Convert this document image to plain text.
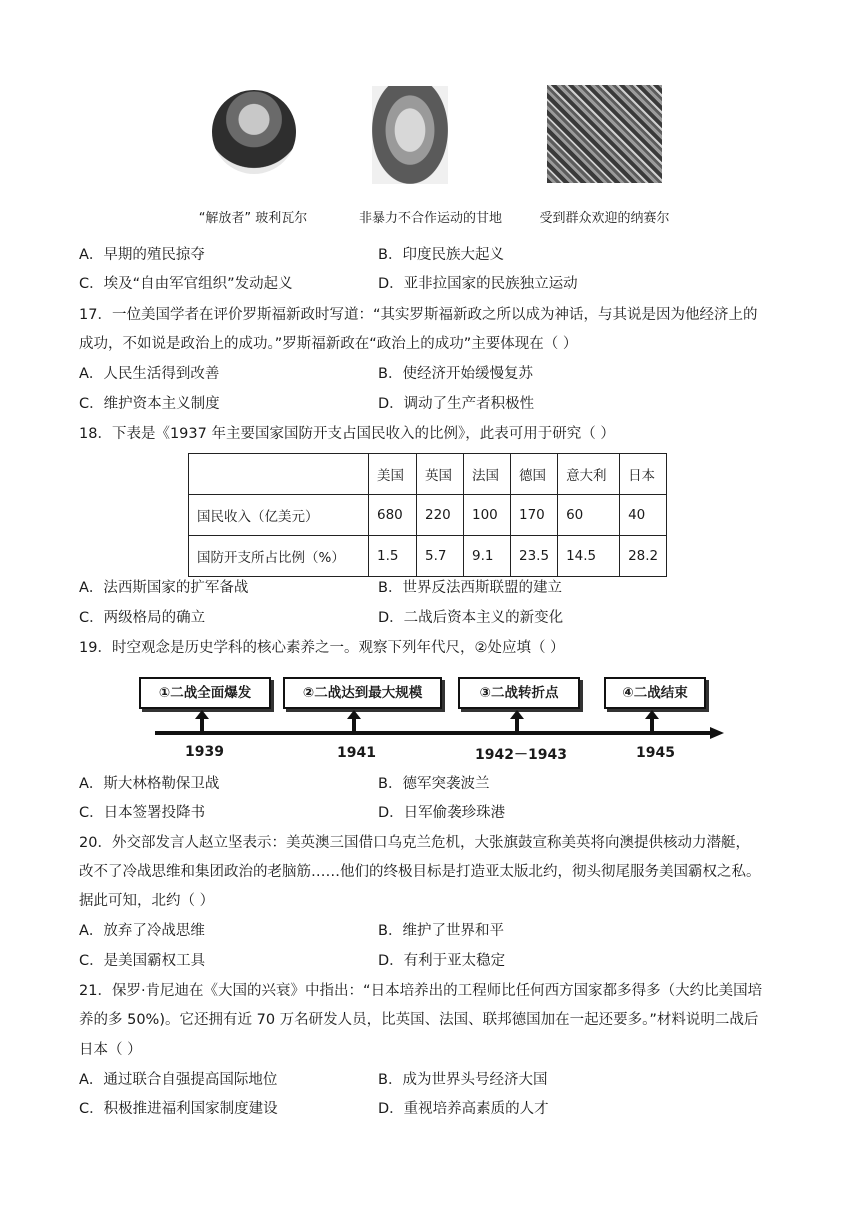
“解放者” 玻利瓦尔	非暴力不合作运动的甘地	受到群众欢迎的纳赛尔
A．早期的殖民掠夺	B．印度民族大起义
C．埃及“自由军官组织”发动起义	D．亚非拉国家的民族独立运动
17．一位美国学者在评价罗斯福新政时写道：“其实罗斯福新政之所以成为神话，与其说是因为他经济上的
成功，不如说是政治上的成功。”罗斯福新政在“政治上的成功”主要体现在（ ）
A．人民生活得到改善	B．使经济开始缓慢复苏
C．维护资本主义制度	D．调动了生产者积极性
18．下表是《1937 年主要国家国防开支占国民收入的比例》，此表可用于研究（ ）
	美国	英国	法国	德国	意大利	日本
国民收入（亿美元）	680	220	100	170	60	40
国防开支所占比例（%）	1.5	5.7	9.1	23.5	14.5	28.2
A．法西斯国家的扩军备战	B．世界反法西斯联盟的建立
C．两级格局的确立	D．二战后资本主义的新变化
19．时空观念是历史学科的核心素养之一。观察下列年代尺，②处应填（ ）
①二战全面爆发	②二战达到最大规模	③二战转折点	④二战结束
1939	1941	1942－1943	1945
A．斯大林格勒保卫战	B．德军突袭波兰
C．日本签署投降书	D．日军偷袭珍珠港
20．外交部发言人赵立坚表示：美英澳三国借口乌克兰危机，大张旗鼓宣称美英将向澳提供核动力潜艇，
改不了冷战思维和集团政治的老脑筋……他们的终极目标是打造亚太版北约，彻头彻尾服务美国霸权之私。
据此可知，北约（ ）
A．放弃了冷战思维	B．维护了世界和平
C．是美国霸权工具	D．有利于亚太稳定
21．保罗·肯尼迪在《大国的兴衰》中指出：“日本培养出的工程师比任何西方国家都多得多（大约比美国培
养的多 50%)。它还拥有近 70 万名研发人员，比英国、法国、联邦德国加在一起还要多。”材料说明二战后
日本（ ）
A．通过联合自强提高国际地位	B．成为世界头号经济大国
C．积极推进福利国家制度建设	D．重视培养高素质的人才
